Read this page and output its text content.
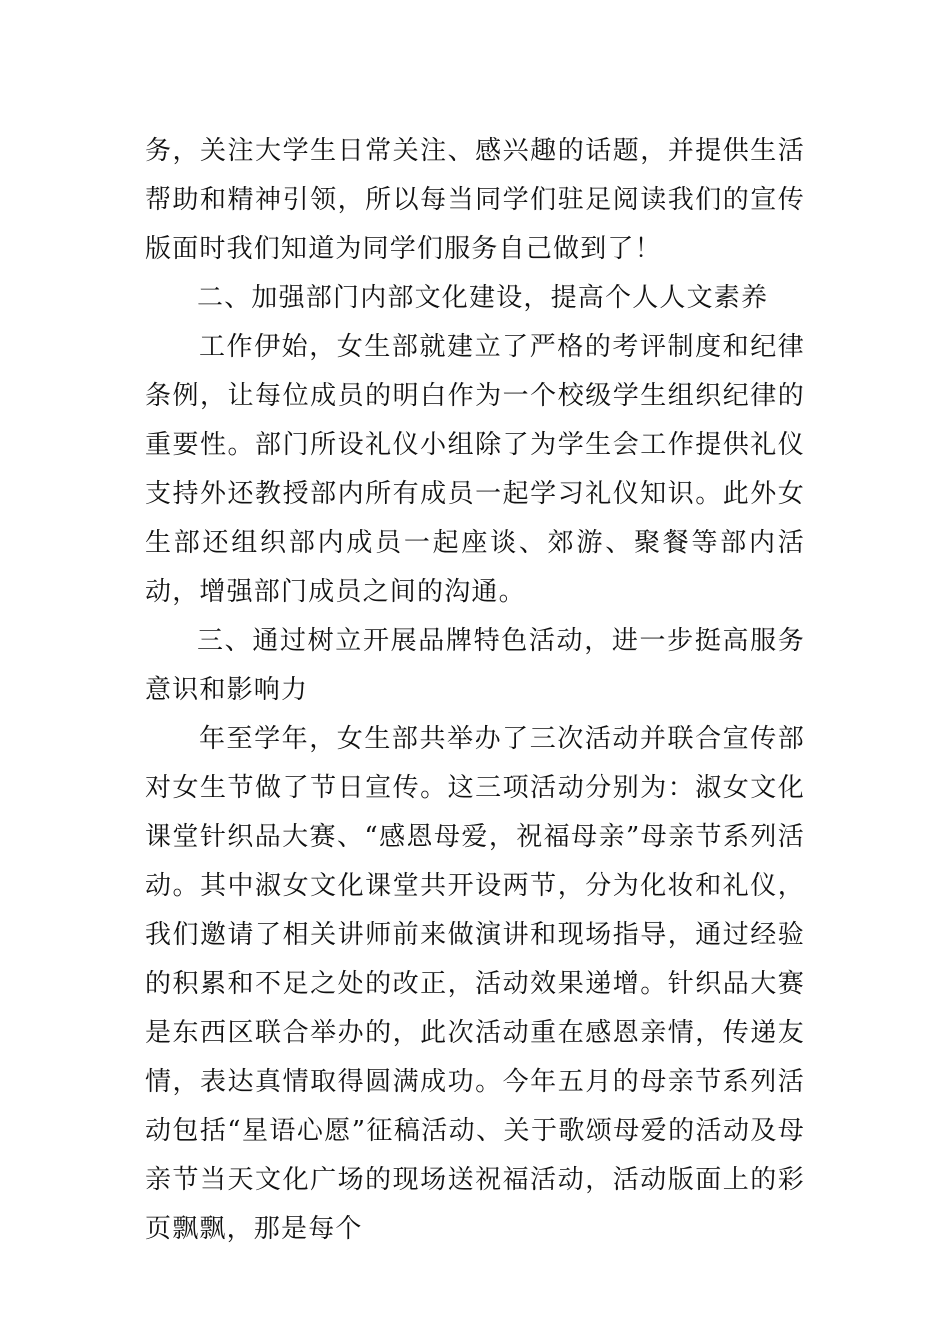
务，关注大学生日常关注、感兴趣的话题，并提供生活帮助和精神引领，所以每当同学们驻足阅读我们的宣传版面时我们知道为同学们服务自己做到了！

二、加强部门内部文化建设，提高个人人文素养

工作伊始，女生部就建立了严格的考评制度和纪律条例，让每位成员的明白作为一个校级学生组织纪律的重要性。部门所设礼仪小组除了为学生会工作提供礼仪支持外还教授部内所有成员一起学习礼仪知识。此外女生部还组织部内成员一起座谈、郊游、聚餐等部内活动，增强部门成员之间的沟通。

三、通过树立开展品牌特色活动，进一步挺高服务意识和影响力

年至学年，女生部共举办了三次活动并联合宣传部对女生节做了节日宣传。这三项活动分别为：淑女文化课堂针织品大赛、“感恩母爱，祝福母亲”母亲节系列活动。其中淑女文化课堂共开设两节，分为化妆和礼仪，我们邀请了相关讲师前来做演讲和现场指导，通过经验的积累和不足之处的改正，活动效果递增。针织品大赛是东西区联合举办的，此次活动重在感恩亲情，传递友情，表达真情取得圆满成功。今年五月的母亲节系列活动包括“星语心愿”征稿活动、关于歌颂母爱的活动及母亲节当天文化广场的现场送祝福活动，活动版面上的彩页飘飘，那是每个
